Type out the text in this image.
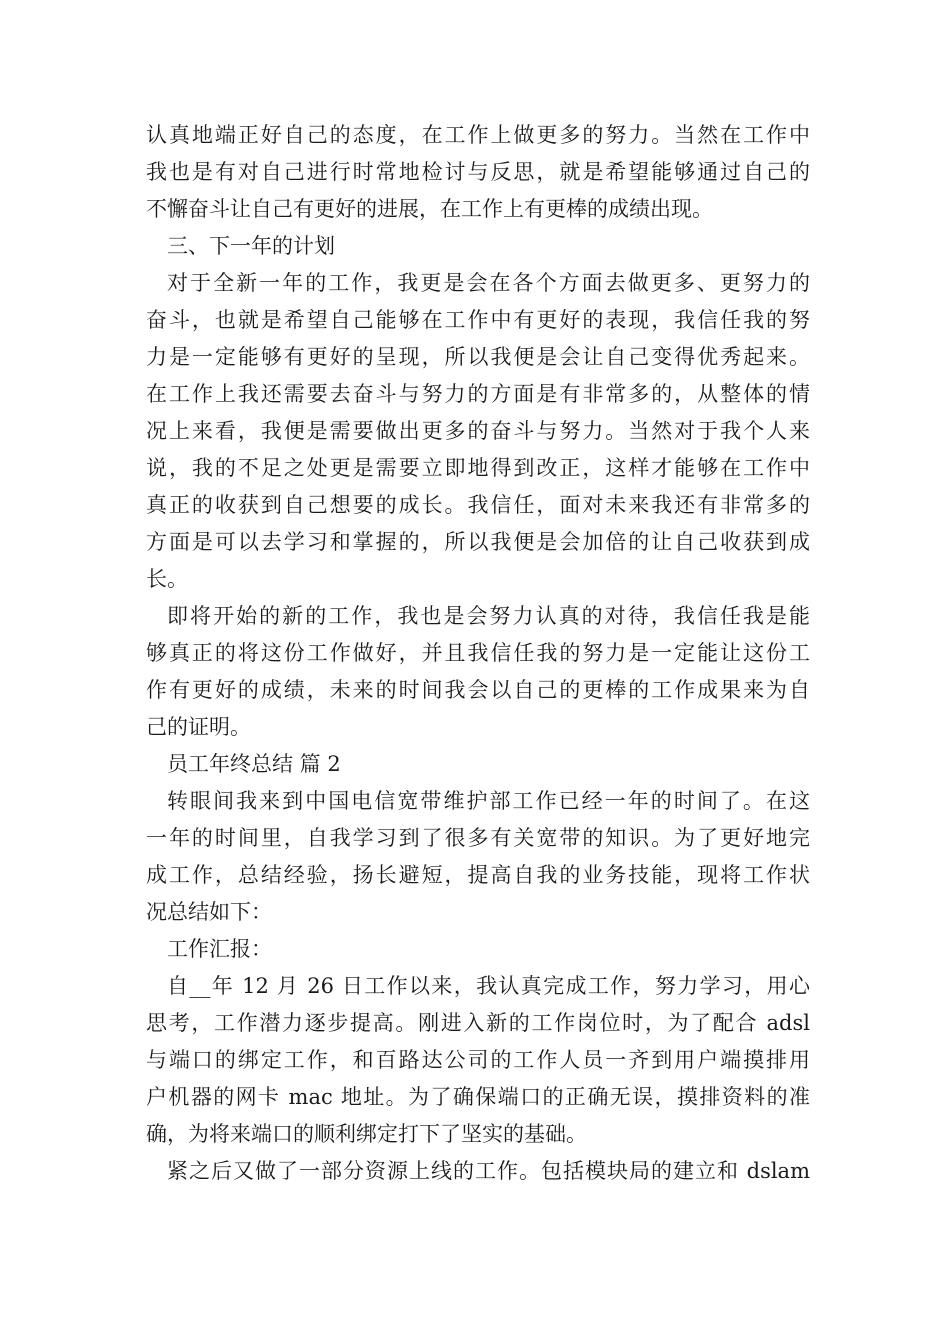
认真地端正好自己的态度，在工作上做更多的努力。当然在工作中
我也是有对自己进行时常地检讨与反思，就是希望能够通过自己的
不懈奋斗让自己有更好的进展，在工作上有更棒的成绩出现。
三、下一年的计划
对于全新一年的工作，我更是会在各个方面去做更多、更努力的
奋斗，也就是希望自己能够在工作中有更好的表现，我信任我的努
力是一定能够有更好的呈现，所以我便是会让自己变得优秀起来。
在工作上我还需要去奋斗与努力的方面是有非常多的，从整体的情
况上来看，我便是需要做出更多的奋斗与努力。当然对于我个人来
说，我的不足之处更是需要立即地得到改正，这样才能够在工作中
真正的收获到自己想要的成长。我信任，面对未来我还有非常多的
方面是可以去学习和掌握的，所以我便是会加倍的让自己收获到成
长。
即将开始的新的工作，我也是会努力认真的对待，我信任我是能
够真正的将这份工作做好，并且我信任我的努力是一定能让这份工
作有更好的成绩，未来的时间我会以自己的更棒的工作成果来为自
己的证明。
员工年终总结 篇 2
转眼间我来到中国电信宽带维护部工作已经一年的时间了。在这
一年的时间里，自我学习到了很多有关宽带的知识。为了更好地完
成工作，总结经验，扬长避短，提高自我的业务技能，现将工作状
况总结如下：
工作汇报：
自__年 12 月 26 日工作以来，我认真完成工作，努力学习，用心
思考，工作潜力逐步提高。刚进入新的工作岗位时，为了配合 adsl
与端口的绑定工作，和百路达公司的工作人员一齐到用户端摸排用
户机器的网卡 mac 地址。为了确保端口的正确无误，摸排资料的准
确，为将来端口的顺利绑定打下了坚实的基础。
紧之后又做了一部分资源上线的工作。包括模块局的建立和 dslam
